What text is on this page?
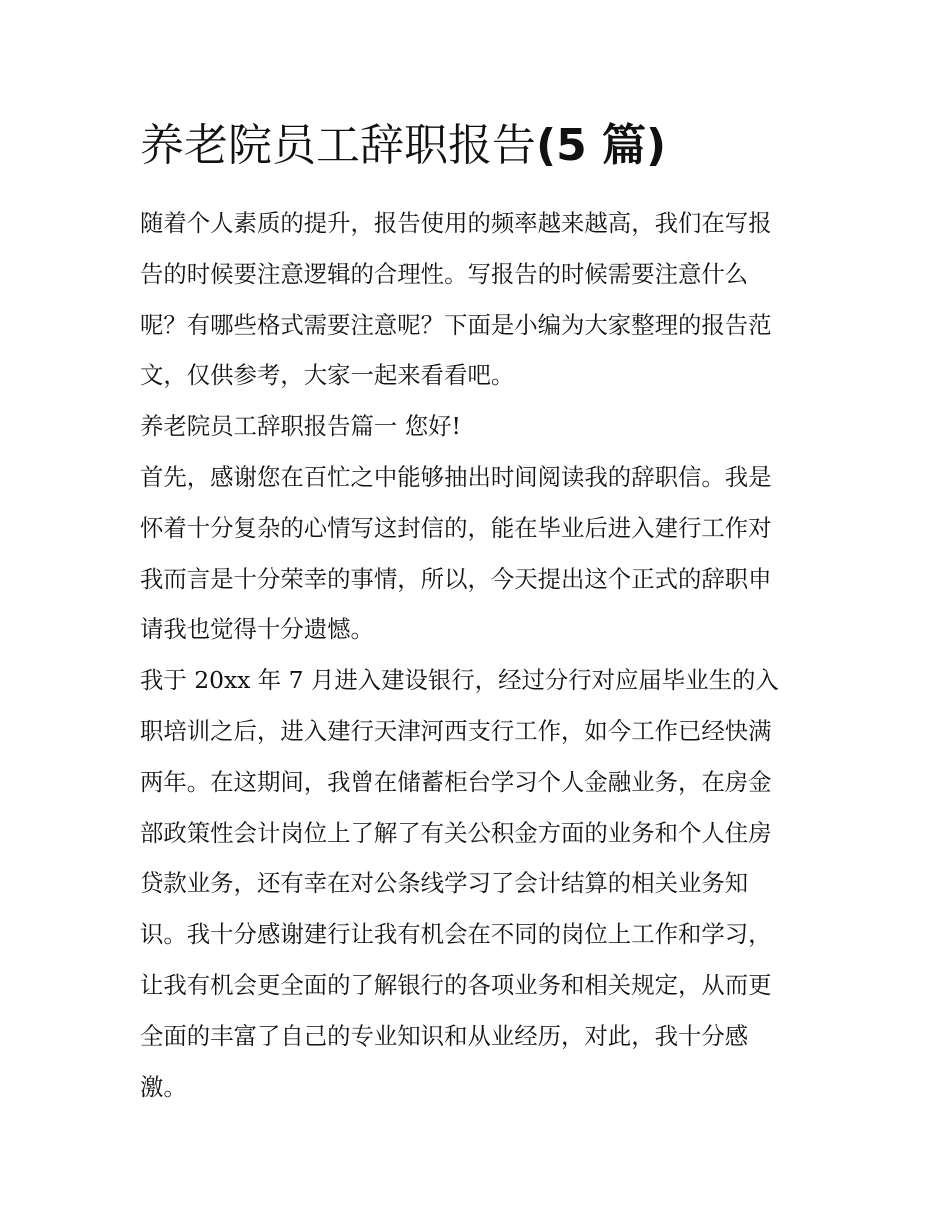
养老院员工辞职报告(5 篇)
随着个人素质的提升，报告使用的频率越来越高，我们在写报
告的时候要注意逻辑的合理性。写报告的时候需要注意什么
呢？有哪些格式需要注意呢？下面是小编为大家整理的报告范
文，仅供参考，大家一起来看看吧。
养老院员工辞职报告篇一 您好!
首先，感谢您在百忙之中能够抽出时间阅读我的辞职信。我是
怀着十分复杂的心情写这封信的，能在毕业后进入建行工作对
我而言是十分荣幸的事情，所以，今天提出这个正式的辞职申
请我也觉得十分遗憾。
我于 20xx 年 7 月进入建设银行，经过分行对应届毕业生的入
职培训之后，进入建行天津河西支行工作，如今工作已经快满
两年。在这期间，我曾在储蓄柜台学习个人金融业务，在房金
部政策性会计岗位上了解了有关公积金方面的业务和个人住房
贷款业务，还有幸在对公条线学习了会计结算的相关业务知
识。我十分感谢建行让我有机会在不同的岗位上工作和学习，
让我有机会更全面的了解银行的各项业务和相关规定，从而更
全面的丰富了自己的专业知识和从业经历，对此，我十分感
激。
